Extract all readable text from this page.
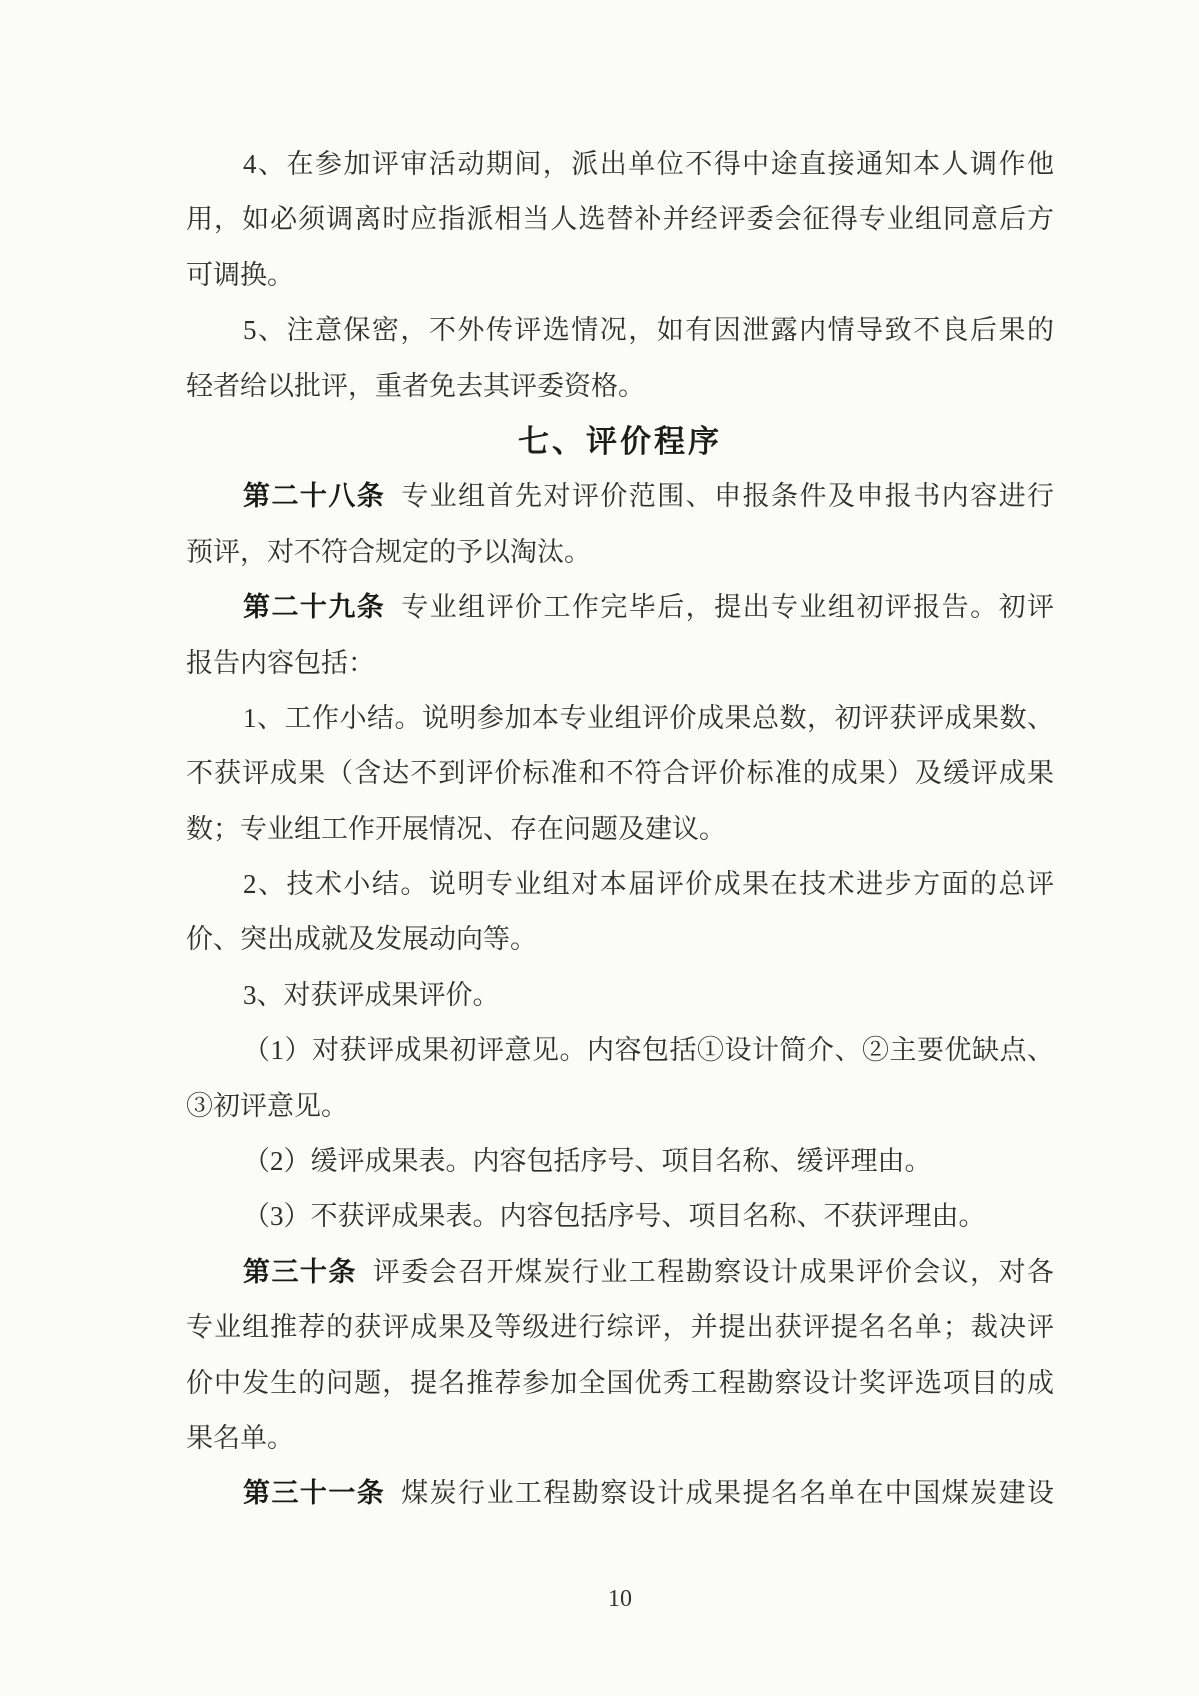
4、在参加评审活动期间，派出单位不得中途直接通知本人调作他
用，如必须调离时应指派相当人选替补并经评委会征得专业组同意后方
可调换。
5、注意保密，不外传评选情况，如有因泄露内情导致不良后果的
轻者给以批评，重者免去其评委资格。
七、评价程序
第二十八条 专业组首先对评价范围、申报条件及申报书内容进行
预评，对不符合规定的予以淘汰。
第二十九条 专业组评价工作完毕后，提出专业组初评报告。初评
报告内容包括：
1、工作小结。说明参加本专业组评价成果总数，初评获评成果数、
不获评成果（含达不到评价标准和不符合评价标准的成果）及缓评成果
数；专业组工作开展情况、存在问题及建议。
2、技术小结。说明专业组对本届评价成果在技术进步方面的总评
价、突出成就及发展动向等。
3、对获评成果评价。
（1）对获评成果初评意见。内容包括①设计简介、②主要优缺点、
③初评意见。
（2）缓评成果表。内容包括序号、项目名称、缓评理由。
（3）不获评成果表。内容包括序号、项目名称、不获评理由。
第三十条 评委会召开煤炭行业工程勘察设计成果评价会议，对各
专业组推荐的获评成果及等级进行综评，并提出获评提名名单；裁决评
价中发生的问题，提名推荐参加全国优秀工程勘察设计奖评选项目的成
果名单。
第三十一条 煤炭行业工程勘察设计成果提名名单在中国煤炭建设
10
